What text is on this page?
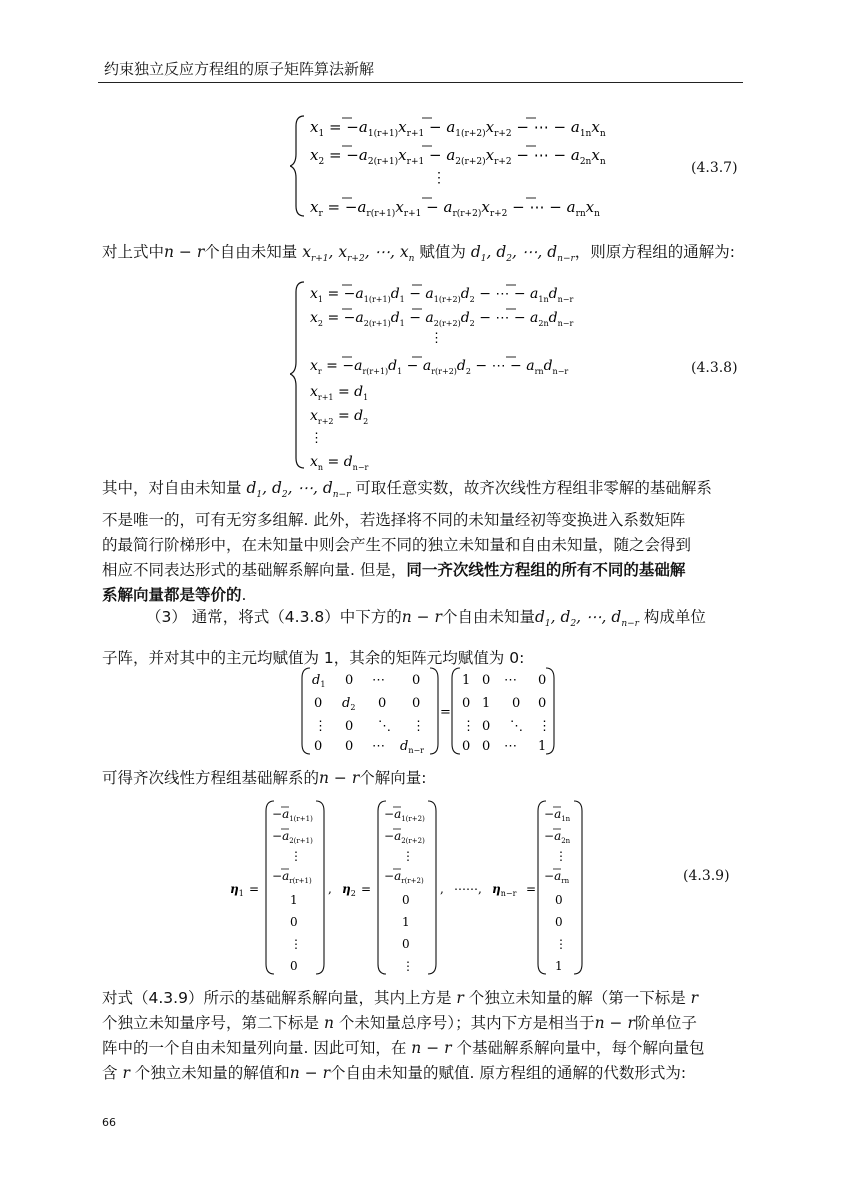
约束独立反应方程组的原子矩阵算法新解
$x_1 = -a_{1(r+1)}x_{r+1} - a_{1(r+2)}x_{r+2}$ − ⋯ − $a_{1n}x_n$
$x_2 = -a_{2(r+1)}x_{r+1} - a_{2(r+2)}x_{r+2}$ − ⋯ − $a_{2n}x_n$
⋮
$x_r = -a_{r(r+1)}x_{r+1} - a_{r(r+2)}x_{r+2}$ − ⋯ − $a_{rn}x_n$
(4.3.7)
对上式中n − r个自由未知量 $x_{r+1}$, $x_{r+2}$, ⋯, $x_n$ 赋值为 $d_1$, $d_2$, ⋯, $d_{n-r}$，则原方程组的通解为:
$x_1 = -a_{1(r+1)}d_1 - a_{1(r+2)}d_2$ − ⋯ − $a_{1n}d_{n-r}$
$x_2 = -a_{2(r+1)}d_1 - a_{2(r+2)}d_2$ − ⋯ − $a_{2n}d_{n-r}$
⋮
$x_r = -a_{r(r+1)}d_1 - a_{r(r+2)}d_2$ − ⋯ − $a_{rn}d_{n-r}$
$x_{r+1} = d_1$
$x_{r+2} = d_2$
⋮
$x_n = d_{n-r}$
(4.3.8)
其中，对自由未知量 $d_1$, $d_2$, ⋯, $d_{n-r}$ 可取任意实数，故齐次线性方程组非零解的基础解系
不是唯一的，可有无穷多组解. 此外，若选择将不同的未知量经初等变换进入系数矩阵
的最简行阶梯形中，在未知量中则会产生不同的独立未知量和自由未知量，随之会得到
相应不同表达形式的基础解系解向量. 但是，同一齐次线性方程组的所有不同的基础解
系解向量都是等价的.
（3） 通常，将式（4.3.8）中下方的n − r个自由未知量$d_1$, $d_2$, ⋯, $d_{n-r}$ 构成单位
子阵，并对其中的主元均赋值为 1，其余的矩阵元均赋值为 0:
$d_1$ 0 ⋯ 0
0 $d_2$ 0 0
⋮ 0 ⋱ ⋮
0 0 ⋯ $d_{n-r}$
=
1 0 ⋯ 0
0 1 0 0
⋮ 0 ⋱ ⋮
0 0 ⋯ 1
可得齐次线性方程组基础解系的n − r个解向量:
$\eta_1$ =
$-a_{1(r+1)}$
$-a_{2(r+1)}$
⋮
$-a_{r(r+1)}$
1
0
⋮
0
, $\eta_2$ =
$-a_{1(r+2)}$
$-a_{2(r+2)}$
⋮
$-a_{r(r+2)}$
0
1
0
⋮
, ⋯⋯, $\eta_{n-r}$ =
$-a_{1n}$
$-a_{2n}$
⋮
$-a_{rn}$
0
0
⋮
1
(4.3.9)
对式（4.3.9）所示的基础解系解向量，其内上方是 r 个独立未知量的解（第一下标是 r
个独立未知量序号，第二下标是 n 个未知量总序号）；其内下方是相当于n − r阶单位子
阵中的一个自由未知量列向量. 因此可知，在 n − r 个基础解系解向量中，每个解向量包
含 r 个独立未知量的解值和n − r个自由未知量的赋值. 原方程组的通解的代数形式为:
66
